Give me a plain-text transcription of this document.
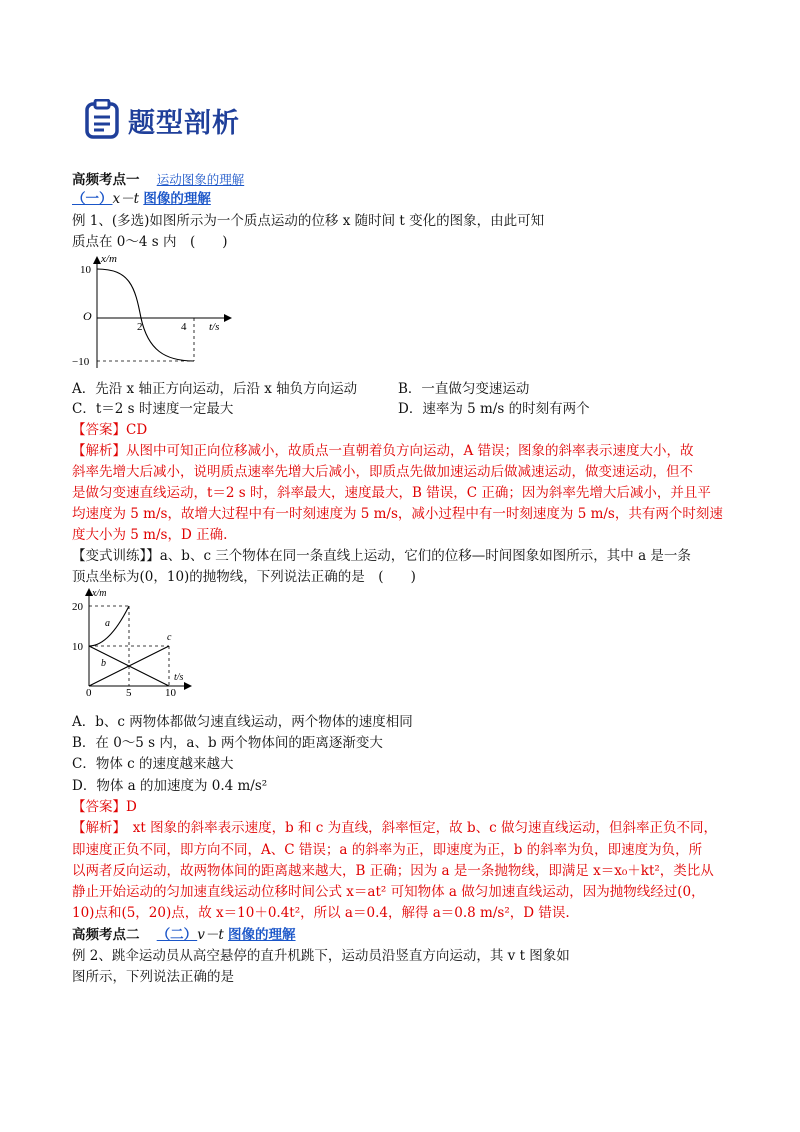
题型剖析
高频考点一 运动图象的理解
（一）x－t 图像的理解
例 1、(多选)如图所示为一个质点运动的位移 x 随时间 t 变化的图象，由此可知
质点在 0～4 s 内　(　　)
x/m
10
O
−10
2	4 t/s
A．先沿 x 轴正方向运动，后沿 x 轴负方向运动	B．一直做匀变速运动
C．t＝2 s 时速度一定最大	D．速率为 5 m/s 的时刻有两个
【答案】CD
【解析】从图中可知正向位移减小，故质点一直朝着负方向运动，A 错误；图象的斜率表示速度大小，故
斜率先增大后减小，说明质点速率先增大后减小，即质点先做加速运动后做减速运动，做变速运动，但不
是做匀变速直线运动，t＝2 s 时，斜率最大，速度最大，B 错误，C 正确；因为斜率先增大后减小，并且平
均速度为 5 m/s，故增大过程中有一时刻速度为 5 m/s，减小过程中有一时刻速度为 5 m/s，共有两个时刻速
度大小为 5 m/s，D 正确.
【变式训练】】a、b、c 三个物体在同一条直线上运动，它们的位移—时间图象如图所示，其中 a 是一条
顶点坐标为(0，10)的抛物线，下列说法正确的是　(　　)
x/m
20
10
0	5	10
t/s
a
b
c
A．b、c 两物体都做匀速直线运动，两个物体的速度相同
B．在 0～5 s 内，a、b 两个物体间的距离逐渐变大
C．物体 c 的速度越来越大
D．物体 a 的加速度为 0.4 m/s²
【答案】D
【解析】　xt 图象的斜率表示速度，b 和 c 为直线，斜率恒定，故 b、c 做匀速直线运动，但斜率正负不同，
即速度正负不同，即方向不同，A、C 错误；a 的斜率为正，即速度为正，b 的斜率为负，即速度为负，所
以两者反向运动，故两物体间的距离越来越大，B 正确；因为 a 是一条抛物线，即满足 x＝x₀＋kt²，类比从
静止开始运动的匀加速直线运动位移时间公式 x＝at² 可知物体 a 做匀加速直线运动，因为抛物线经过(0，
10)点和(5，20)点，故 x＝10＋0.4t²，所以 a＝0.4，解得 a＝0.8 m/s²，D 错误.
高频考点二 （二）v－t 图像的理解
例 2、跳伞运动员从高空悬停的直升机跳下，运动员沿竖直方向运动，其 v t 图象如
图所示，下列说法正确的是
